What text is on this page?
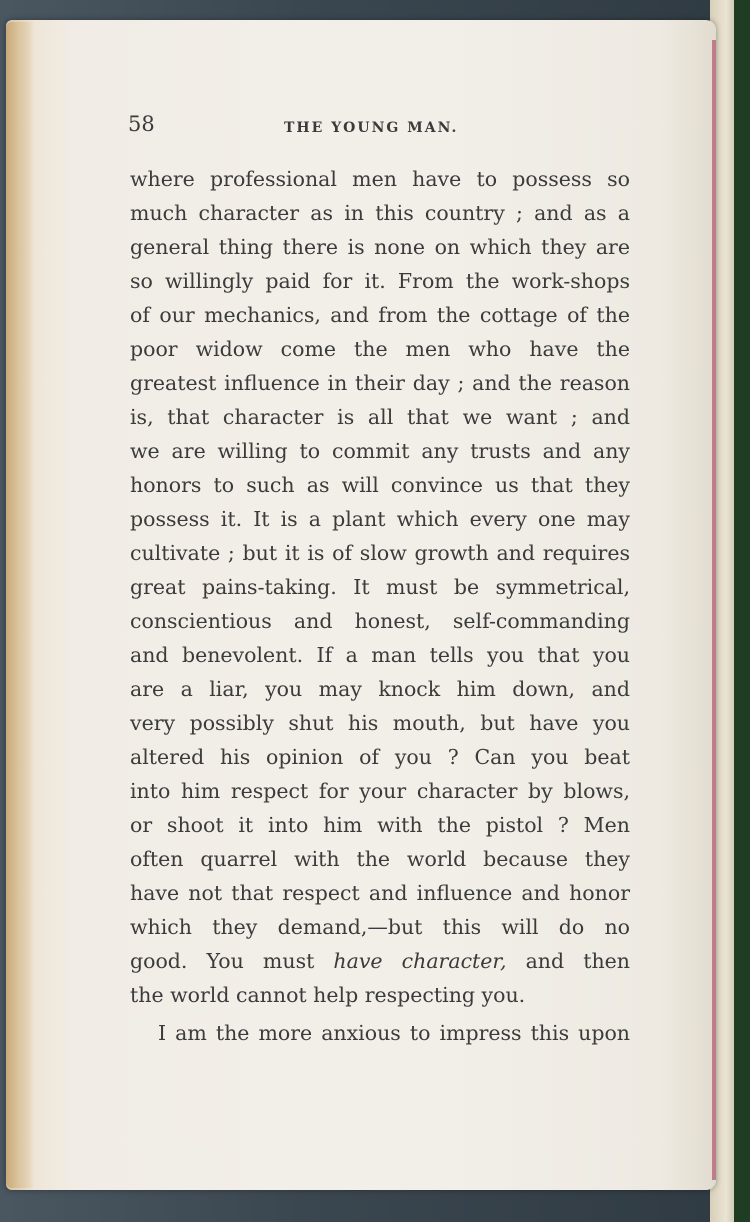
58	THE YOUNG MAN.
where professional men have to possess so
much character as in this country ; and as a
general thing there is none on which they are
so willingly paid for it. From the work-shops
of our mechanics, and from the cottage of the
poor widow come the men who have the
greatest influence in their day ; and the reason
is, that character is all that we want ; and
we are willing to commit any trusts and any
honors to such as will convince us that they
possess it. It is a plant which every one may
cultivate ; but it is of slow growth and requires
great pains-taking. It must be symmetrical,
conscientious and honest, self-commanding
and benevolent. If a man tells you that you
are a liar, you may knock him down, and
very possibly shut his mouth, but have you
altered his opinion of you ? Can you beat
into him respect for your character by blows,
or shoot it into him with the pistol ? Men
often quarrel with the world because they
have not that respect and influence and honor
which they demand,—but this will do no
good. You must have character, and then
the world cannot help respecting you.
I am the more anxious to impress this upon
